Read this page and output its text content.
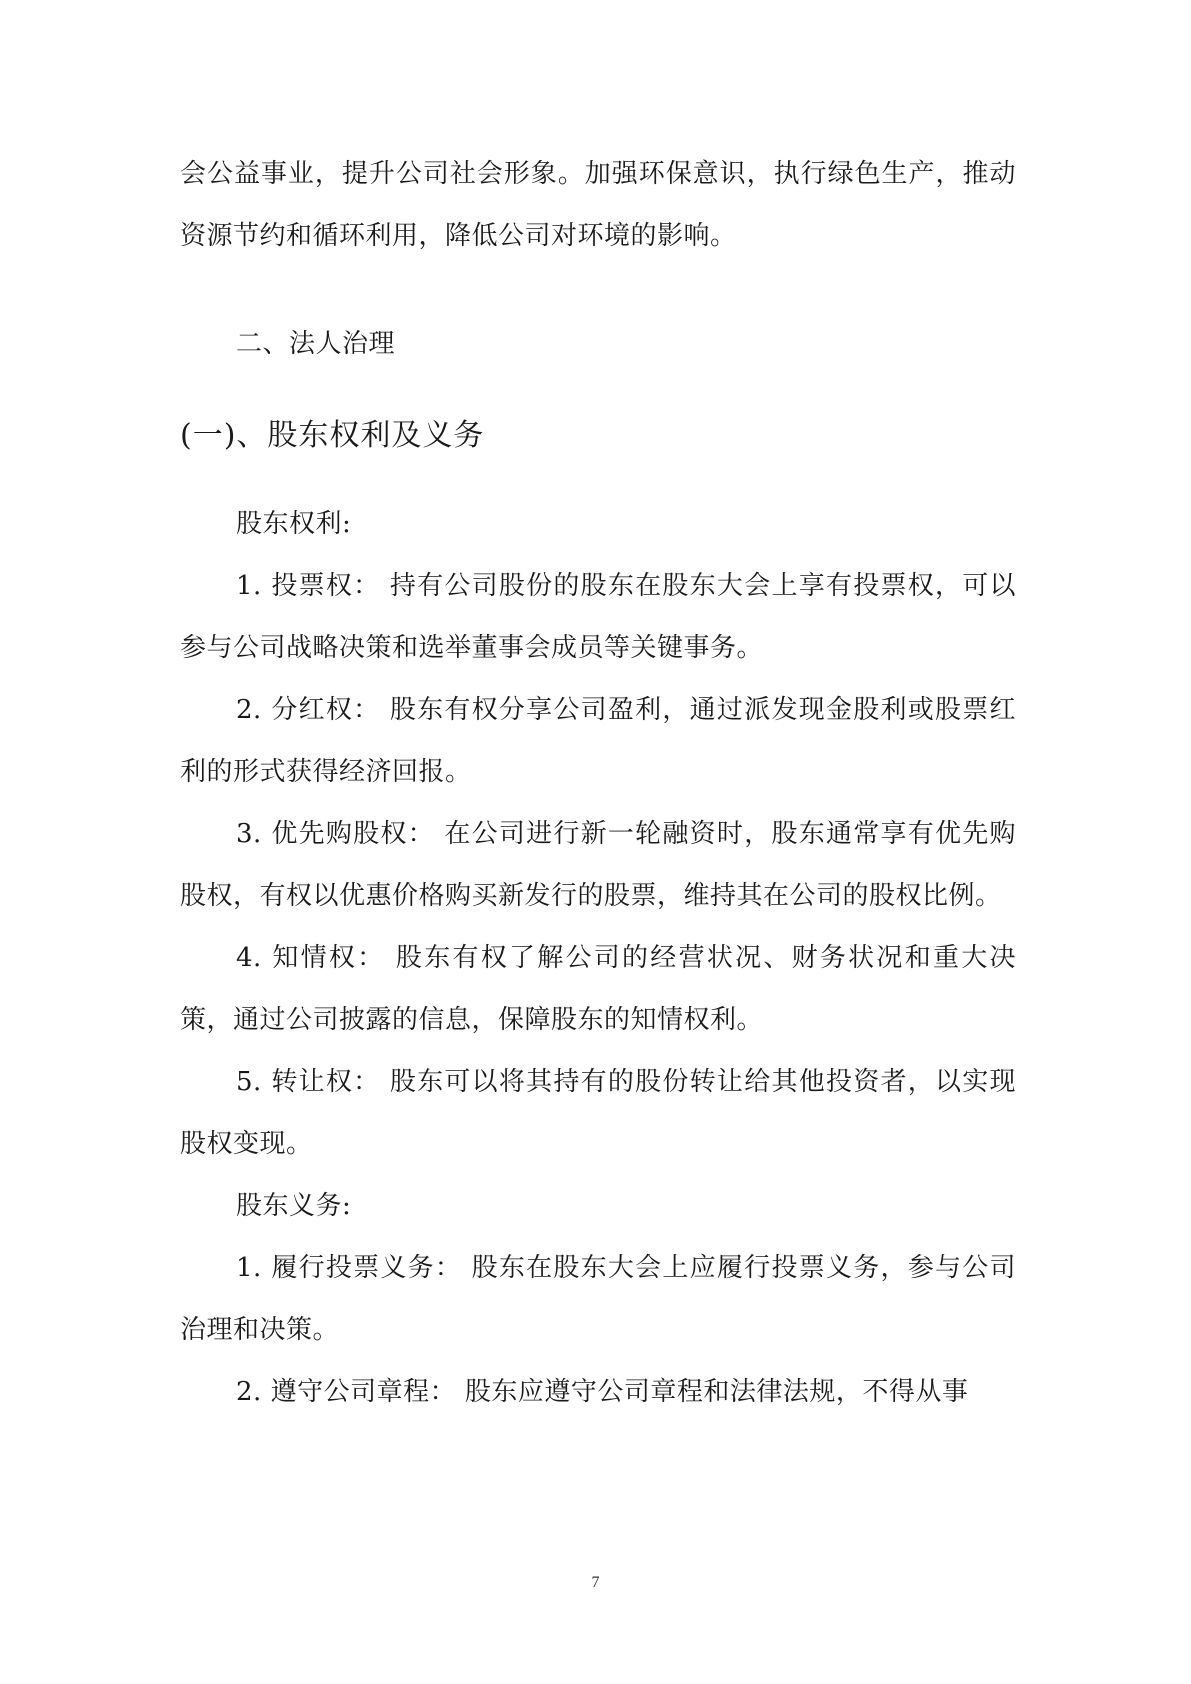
会公益事业，提升公司社会形象。加强环保意识，执行绿色生产，推动资源节约和循环利用，降低公司对环境的影响。

二、法人治理

(一)、股东权利及义务

股东权利:

1. 投票权： 持有公司股份的股东在股东大会上享有投票权，可以参与公司战略决策和选举董事会成员等关键事务。

2. 分红权： 股东有权分享公司盈利，通过派发现金股利或股票红利的形式获得经济回报。

3. 优先购股权： 在公司进行新一轮融资时，股东通常享有优先购股权，有权以优惠价格购买新发行的股票，维持其在公司的股权比例。

4. 知情权： 股东有权了解公司的经营状况、财务状况和重大决策，通过公司披露的信息，保障股东的知情权利。

5. 转让权： 股东可以将其持有的股份转让给其他投资者，以实现股权变现。

股东义务:

1. 履行投票义务： 股东在股东大会上应履行投票义务，参与公司治理和决策。

2. 遵守公司章程： 股东应遵守公司章程和法律法规，不得从事

7
